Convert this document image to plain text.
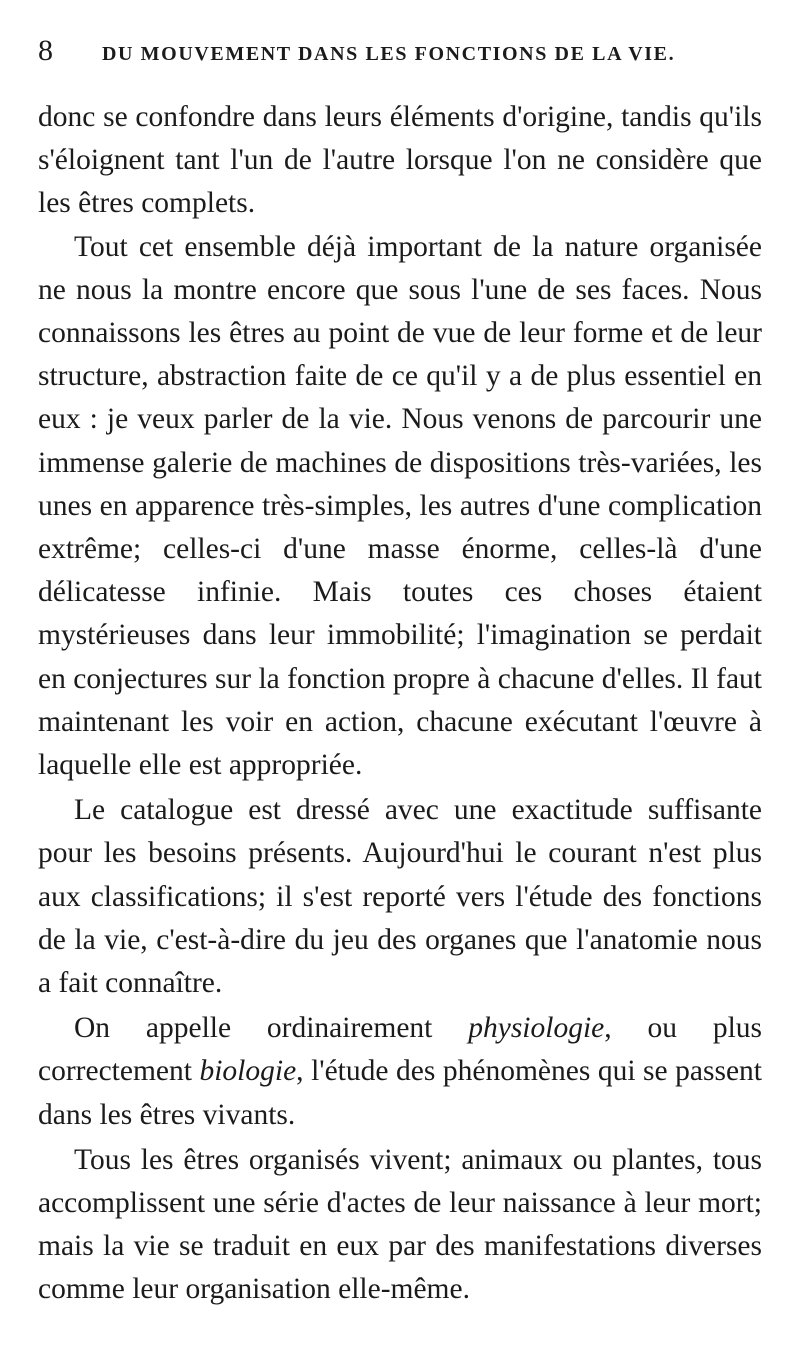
8	DU MOUVEMENT DANS LES FONCTIONS DE LA VIE.

donc se confondre dans leurs éléments d'origine, tandis qu'ils s'éloignent tant l'un de l'autre lorsque l'on ne considère que les êtres complets.

Tout cet ensemble déjà important de la nature organisée ne nous la montre encore que sous l'une de ses faces. Nous connaissons les êtres au point de vue de leur forme et de leur structure, abstraction faite de ce qu'il y a de plus essentiel en eux : je veux parler de la vie. Nous venons de parcourir une immense galerie de machines de dispositions très-variées, les unes en apparence très-simples, les autres d'une complication extrême; celles-ci d'une masse énorme, celles-là d'une délicatesse infinie. Mais toutes ces choses étaient mystérieuses dans leur immobilité; l'imagination se perdait en conjectures sur la fonction propre à chacune d'elles. Il faut maintenant les voir en action, chacune exécutant l'œuvre à laquelle elle est appropriée.

Le catalogue est dressé avec une exactitude suffisante pour les besoins présents. Aujourd'hui le courant n'est plus aux classifications; il s'est reporté vers l'étude des fonctions de la vie, c'est-à-dire du jeu des organes que l'anatomie nous a fait connaître.

On appelle ordinairement physiologie, ou plus correctement biologie, l'étude des phénomènes qui se passent dans les êtres vivants.

Tous les êtres organisés vivent; animaux ou plantes, tous accomplissent une série d'actes de leur naissance à leur mort; mais la vie se traduit en eux par des manifestations diverses comme leur organisation elle-même.
